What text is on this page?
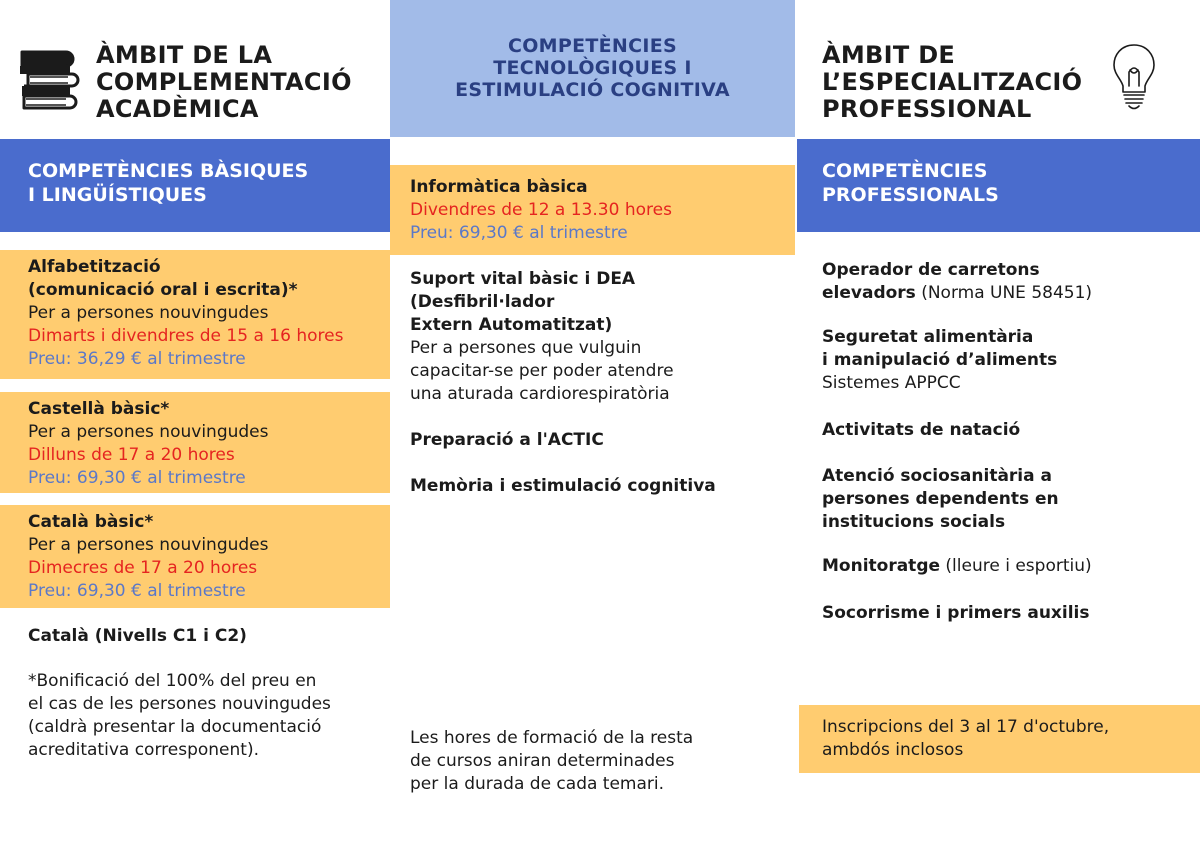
ÀMBIT DE LA
COMPLEMENTACIÓ
ACADÈMICA
COMPETÈNCIES BÀSIQUES
I LINGÜÍSTIQUES
Alfabetització
(comunicació oral i escrita)*
Per a persones nouvingudes
Dimarts i divendres de 15 a 16 hores
Preu: 36,29 € al trimestre
Castellà bàsic*
Per a persones nouvingudes
Dilluns de 17 a 20 hores
Preu: 69,30 € al trimestre
Català bàsic*
Per a persones nouvingudes
Dimecres de 17 a 20 hores
Preu: 69,30 € al trimestre
Català (Nivells C1 i C2)
*Bonificació del 100% del preu en
el cas de les persones nouvingudes
(caldrà presentar la documentació
acreditativa corresponent).
COMPETÈNCIES
TECNOLÒGIQUES I
ESTIMULACIÓ COGNITIVA
Informàtica bàsica
Divendres de 12 a 13.30 hores
Preu: 69,30 € al trimestre
Suport vital bàsic i DEA
(Desfibril·lador
Extern Automatitzat)
Per a persones que vulguin
capacitar-se per poder atendre
una aturada cardiorespiratòria
Preparació a l'ACTIC
Memòria i estimulació cognitiva
Les hores de formació de la resta
de cursos aniran determinades
per la durada de cada temari.
ÀMBIT DE
L’ESPECIALITZACIÓ
PROFESSIONAL
COMPETÈNCIES
PROFESSIONALS
Operador de carretons
elevadors (Norma UNE 58451)
Seguretat alimentària
i manipulació d’aliments
Sistemes APPCC
Activitats de natació
Atenció sociosanitària a
persones dependents en
institucions socials
Monitoratge (lleure i esportiu)
Socorrisme i primers auxilis
Inscripcions del 3 al 17 d'octubre,
ambdós inclosos
